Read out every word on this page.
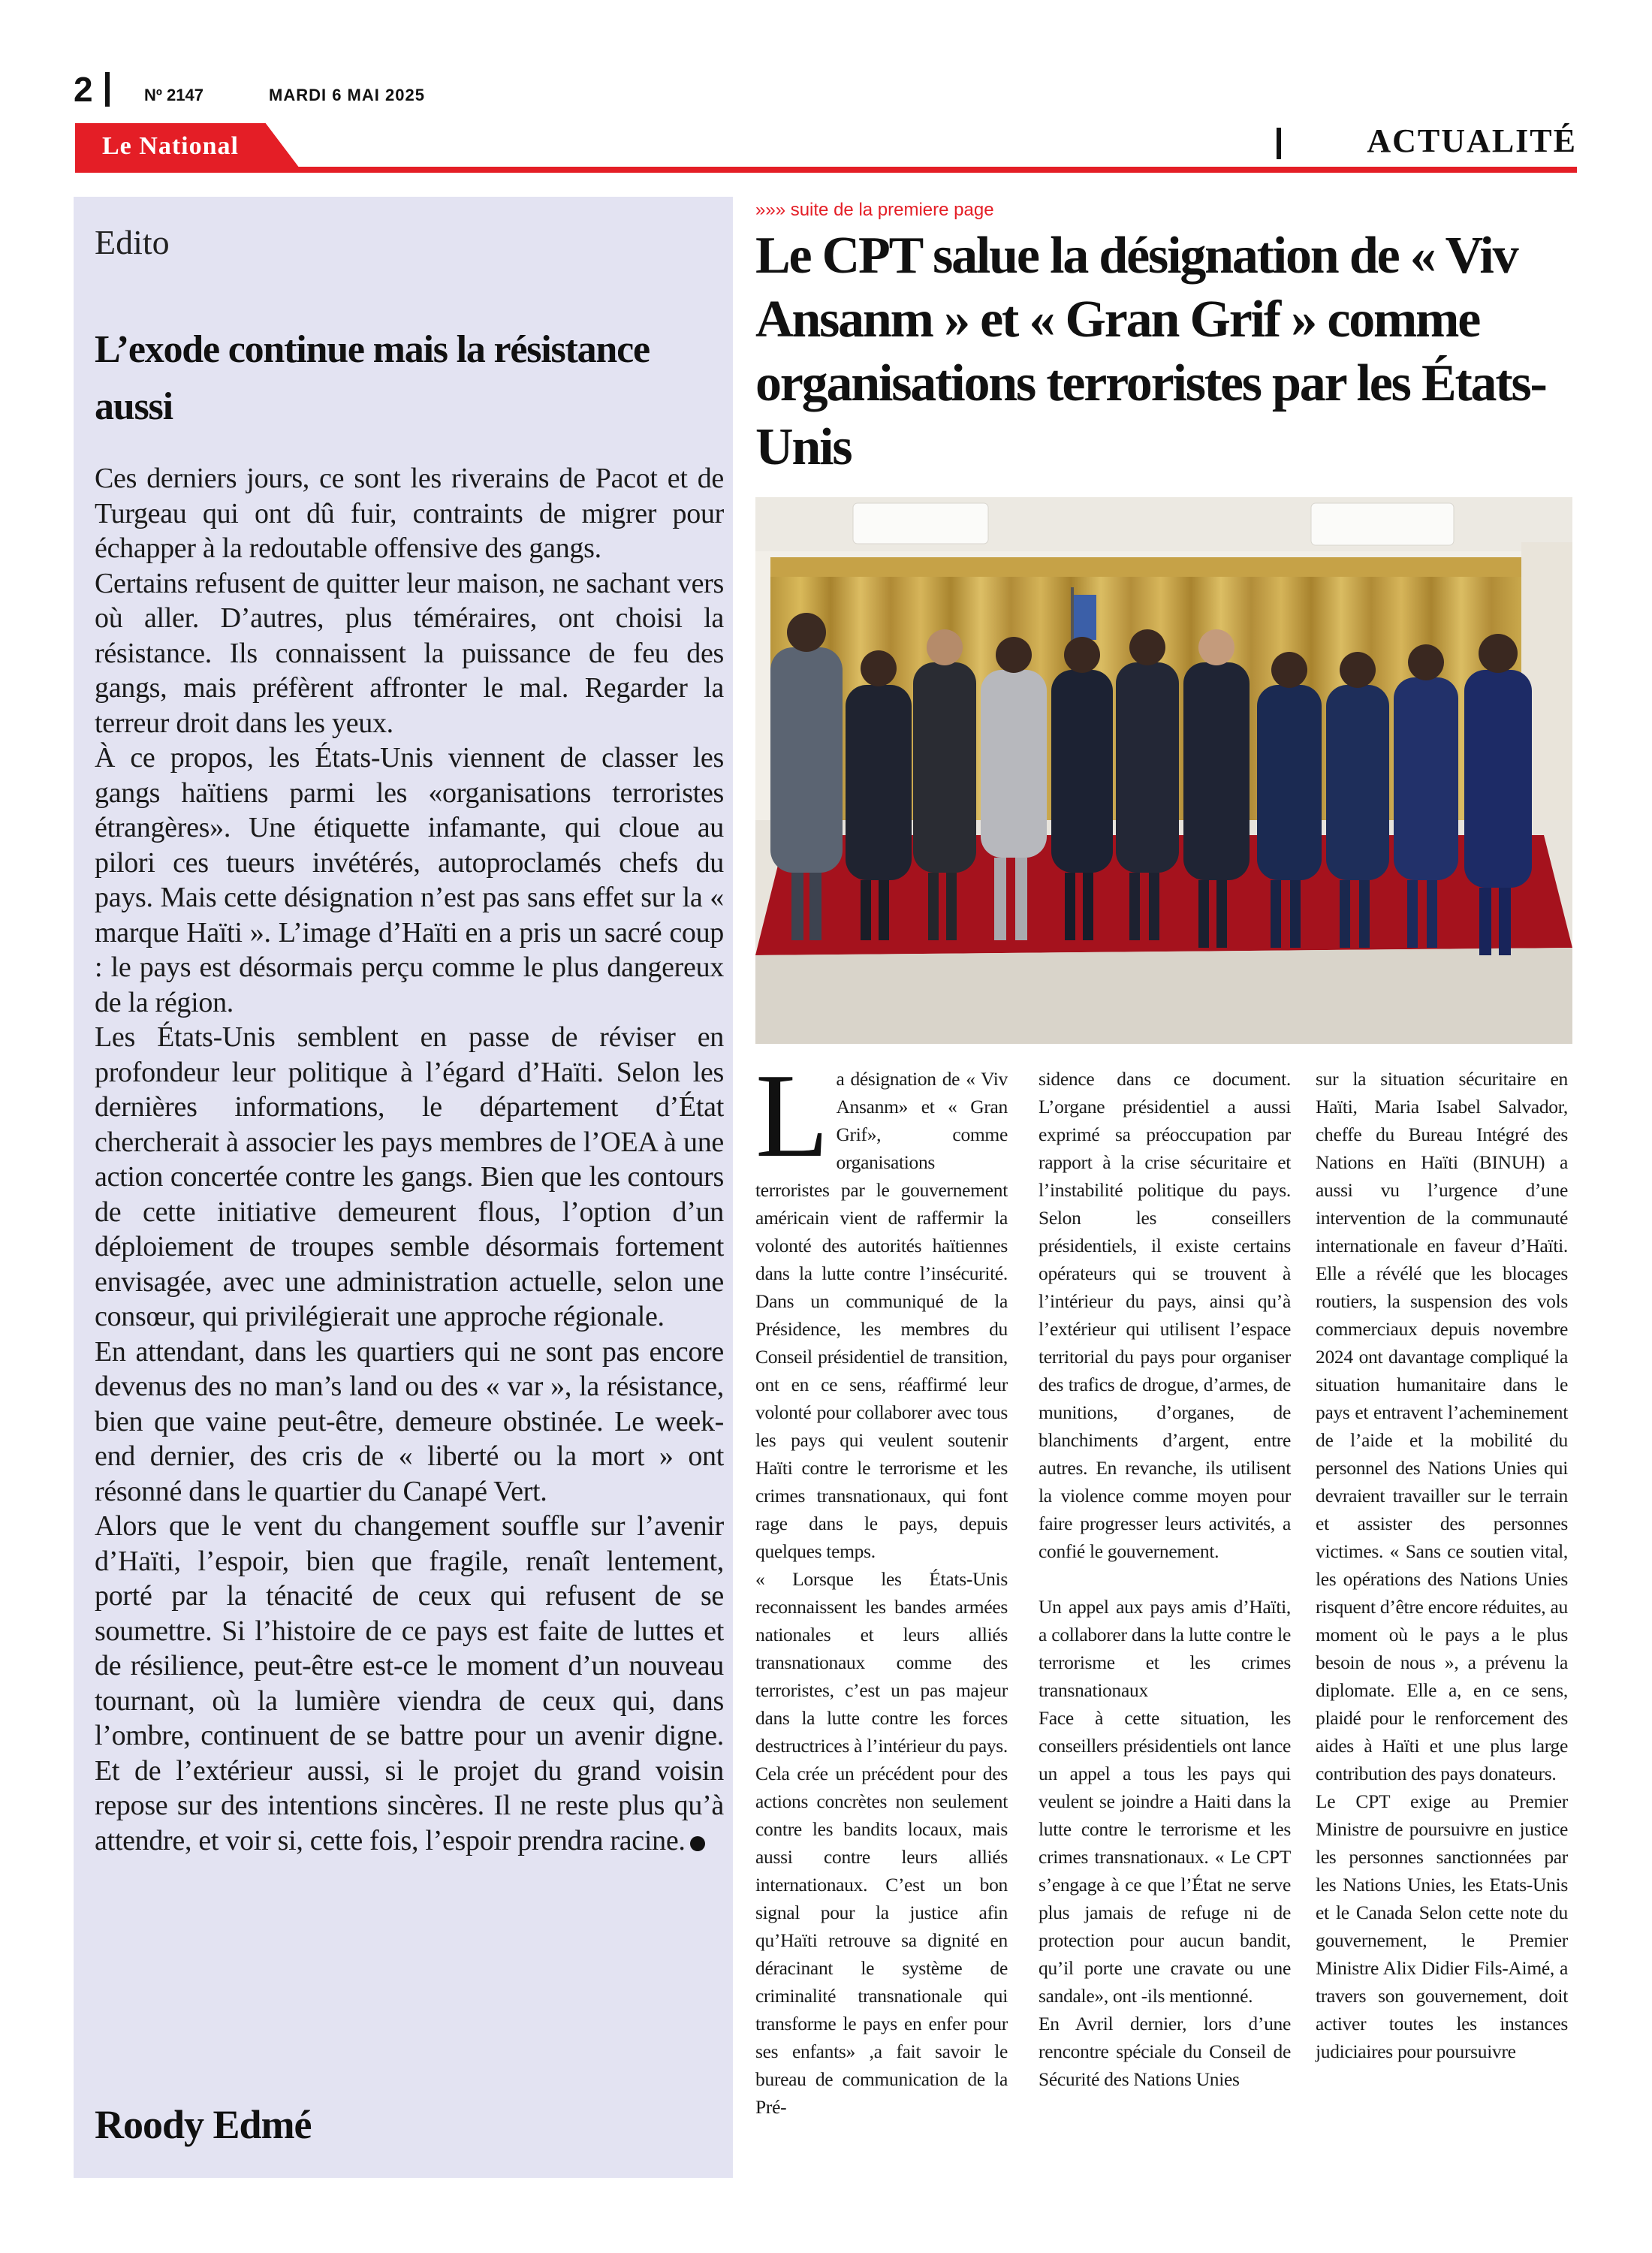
2	Nº 2147	MARDI 6 MAI 2025
Le National	ACTUALITÉ
Edito
L’exode continue mais la résistance aussi

Ces derniers jours, ce sont les riverains de Pacot et de Turgeau qui ont dû fuir, contraints de migrer pour échapper à la redoutable offensive des gangs.

Certains refusent de quitter leur maison, ne sachant vers où aller. D’autres, plus téméraires, ont choisi la résistance. Ils connaissent la puissance de feu des gangs, mais préfèrent affronter le mal. Regarder la terreur droit dans les yeux.

À ce propos, les États-Unis viennent de classer les gangs haïtiens parmi les «organisations terroristes étrangères». Une étiquette infamante, qui cloue au pilori ces tueurs invétérés, autoproclamés chefs du pays. Mais cette désignation n’est pas sans effet sur la « marque Haïti ». L’image d’Haïti en a pris un sacré coup : le pays est désormais perçu comme le plus dangereux de la région.

Les États-Unis semblent en passe de réviser en profondeur leur politique à l’égard d’Haïti. Selon les dernières informations, le département d’État chercherait à associer les pays membres de l’OEA à une action concertée contre les gangs. Bien que les contours de cette initiative demeurent flous, l’option d’un déploiement de troupes semble désormais fortement envisagée, avec une administration actuelle, selon une consœur, qui privilégierait une approche régionale.

En attendant, dans les quartiers qui ne sont pas encore devenus des no man’s land ou des « var », la résistance, bien que vaine peut-être, demeure obstinée. Le week-end dernier, des cris de « liberté ou la mort » ont résonné dans le quartier du Canapé Vert.

Alors que le vent du changement souffle sur l’avenir d’Haïti, l’espoir, bien que fragile, renaît lentement, porté par la ténacité de ceux qui refusent de se soumettre. Si l’histoire de ce pays est faite de luttes et de résilience, peut-être est-ce le moment d’un nouveau tournant, où la lumière viendra de ceux qui, dans l’ombre, continuent de se battre pour un avenir digne. Et de l’extérieur aussi, si le projet du grand voisin repose sur des intentions sincères. Il ne reste plus qu’à attendre, et voir si, cette fois, l’espoir prendra racine.

Roody Edmé
»»» suite de la premiere page
Le CPT salue la désignation de « Viv Ansanm » et « Gran Grif » comme organisations terroristes par les États-Unis

La désignation de « Viv Ansanm» et « Gran Grif», comme organisations terroristes par le gouvernement américain vient de raffermir la volonté des autorités haïtiennes dans la lutte contre l’insécurité. Dans un communiqué de la Présidence, les membres du Conseil présidentiel de transition, ont en ce sens, réaffirmé leur volonté pour collaborer avec tous les pays qui veulent soutenir Haïti contre le terrorisme et les crimes transnationaux, qui font rage dans le pays, depuis quelques temps.

« Lorsque les États-Unis reconnaissent les bandes armées nationales et leurs alliés transnationaux comme des terroristes, c’est un pas majeur dans la lutte contre les forces destructrices à l’intérieur du pays. Cela crée un précédent pour des actions concrètes non seulement contre les bandits locaux, mais aussi contre leurs alliés internationaux. C’est un bon signal pour la justice afin qu’Haïti retrouve sa dignité en déracinant le système de criminalité transnationale qui transforme le pays en enfer pour ses enfants» ,a fait savoir le bureau de communication de la Pré-

sidence dans ce document. L’organe présidentiel a aussi exprimé sa préoccupation par rapport à la crise sécuritaire et l’instabilité politique du pays. Selon les conseillers présidentiels, il existe certains opérateurs qui se trouvent à l’intérieur du pays, ainsi qu’à l’extérieur qui utilisent l’espace territorial du pays pour organiser des trafics de drogue, d’armes, de munitions, d’organes, de blanchiments d’argent, entre autres. En revanche, ils utilisent la violence comme moyen pour faire progresser leurs activités, a confié le gouvernement.

Un appel aux pays amis d’Haïti, a collaborer dans la lutte contre le terrorisme et les crimes transnationaux

Face à cette situation, les conseillers présidentiels ont lance un appel a tous les pays qui veulent se joindre a Haiti dans la lutte contre le terrorisme et les crimes transnationaux. « Le CPT s’engage à ce que l’État ne serve plus jamais de refuge ni de protection pour aucun bandit, qu’il porte une cravate ou une sandale», ont -ils mentionné.

En Avril dernier, lors d’une rencontre spéciale du Conseil de Sécurité des Nations Unies

sur la situation sécuritaire en Haïti, Maria Isabel Salvador, cheffe du Bureau Intégré des Nations en Haïti (BINUH) a aussi vu l’urgence d’une intervention de la communauté internationale en faveur d’Haïti. Elle a révélé que les blocages routiers, la suspension des vols commerciaux depuis novembre 2024 ont davantage compliqué la situation humanitaire dans le pays et entravent l’acheminement de l’aide et la mobilité du personnel des Nations Unies qui devraient travailler sur le terrain et assister des personnes victimes. « Sans ce soutien vital, les opérations des Nations Unies risquent d’être encore réduites, au moment où le pays a le plus besoin de nous », a prévenu la diplomate. Elle a, en ce sens, plaidé pour le renforcement des aides à Haïti et une plus large contribution des pays donateurs.

Le CPT exige au Premier Ministre de poursuivre en justice les personnes sanctionnées par les Nations Unies, les Etats-Unis et le Canada Selon cette note du gouvernement, le Premier Ministre Alix Didier Fils-Aimé, a travers son gouvernement, doit activer toutes les instances judiciaires pour poursuivre
